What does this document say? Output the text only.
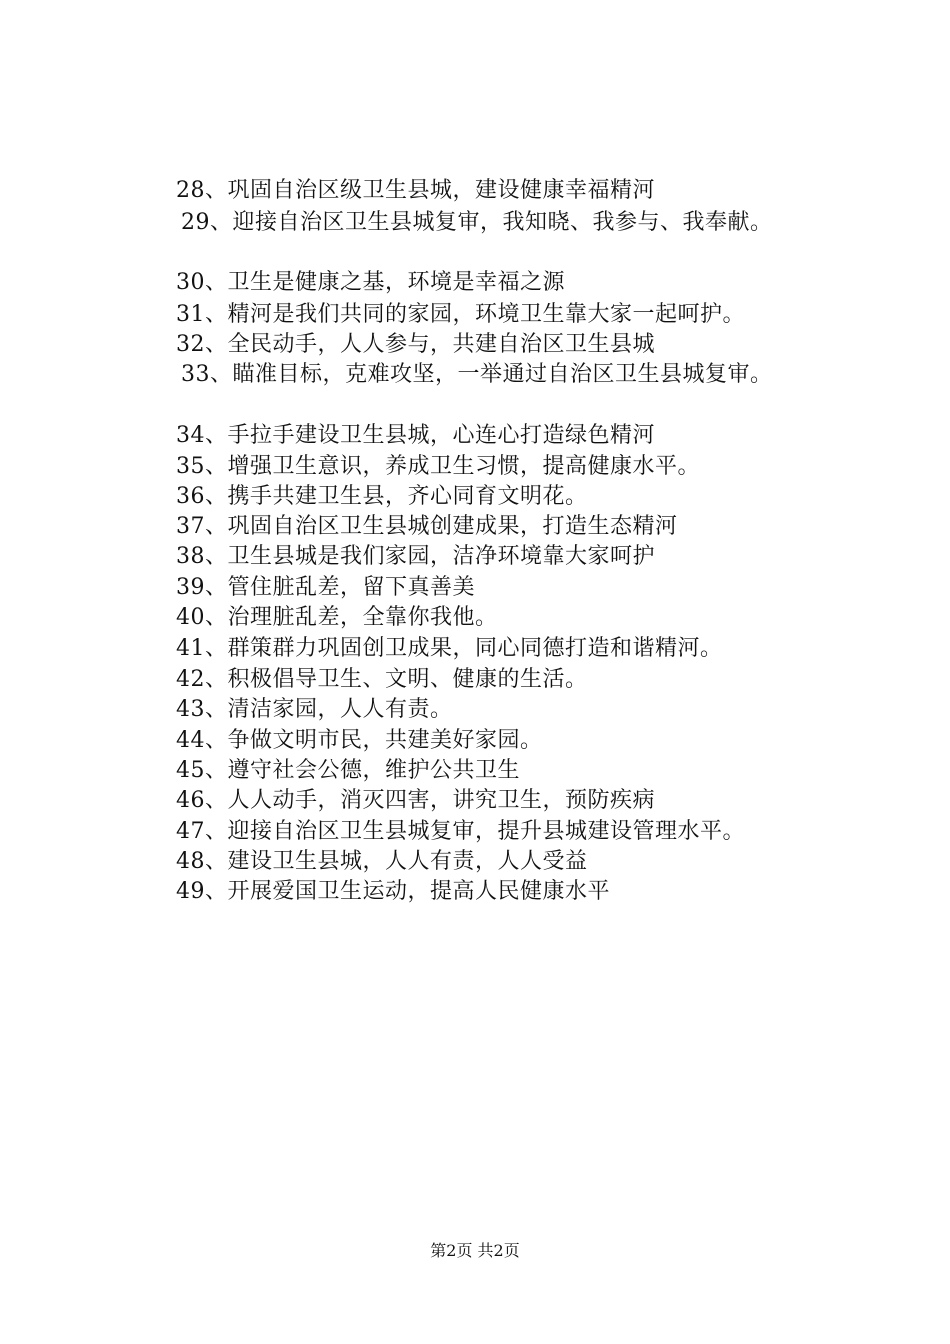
28、巩固自治区级卫生县城，建设健康幸福精河
29、迎接自治区卫生县城复审，我知晓、我参与、我奉献。
30、卫生是健康之基，环境是幸福之源
31、精河是我们共同的家园，环境卫生靠大家一起呵护。
32、全民动手，人人参与，共建自治区卫生县城
33、瞄准目标，克难攻坚，一举通过自治区卫生县城复审。
34、手拉手建设卫生县城，心连心打造绿色精河
35、增强卫生意识，养成卫生习惯，提高健康水平。
36、携手共建卫生县，齐心同育文明花。
37、巩固自治区卫生县城创建成果，打造生态精河
38、卫生县城是我们家园，洁净环境靠大家呵护
39、管住脏乱差，留下真善美
40、治理脏乱差，全靠你我他。
41、群策群力巩固创卫成果，同心同德打造和谐精河。
42、积极倡导卫生、文明、健康的生活。
43、清洁家园，人人有责。
44、争做文明市民，共建美好家园。
45、遵守社会公德，维护公共卫生
46、人人动手，消灭四害，讲究卫生，预防疾病
47、迎接自治区卫生县城复审，提升县城建设管理水平。
48、建设卫生县城，人人有责，人人受益
49、开展爱国卫生运动，提高人民健康水平
第2页 共2页
